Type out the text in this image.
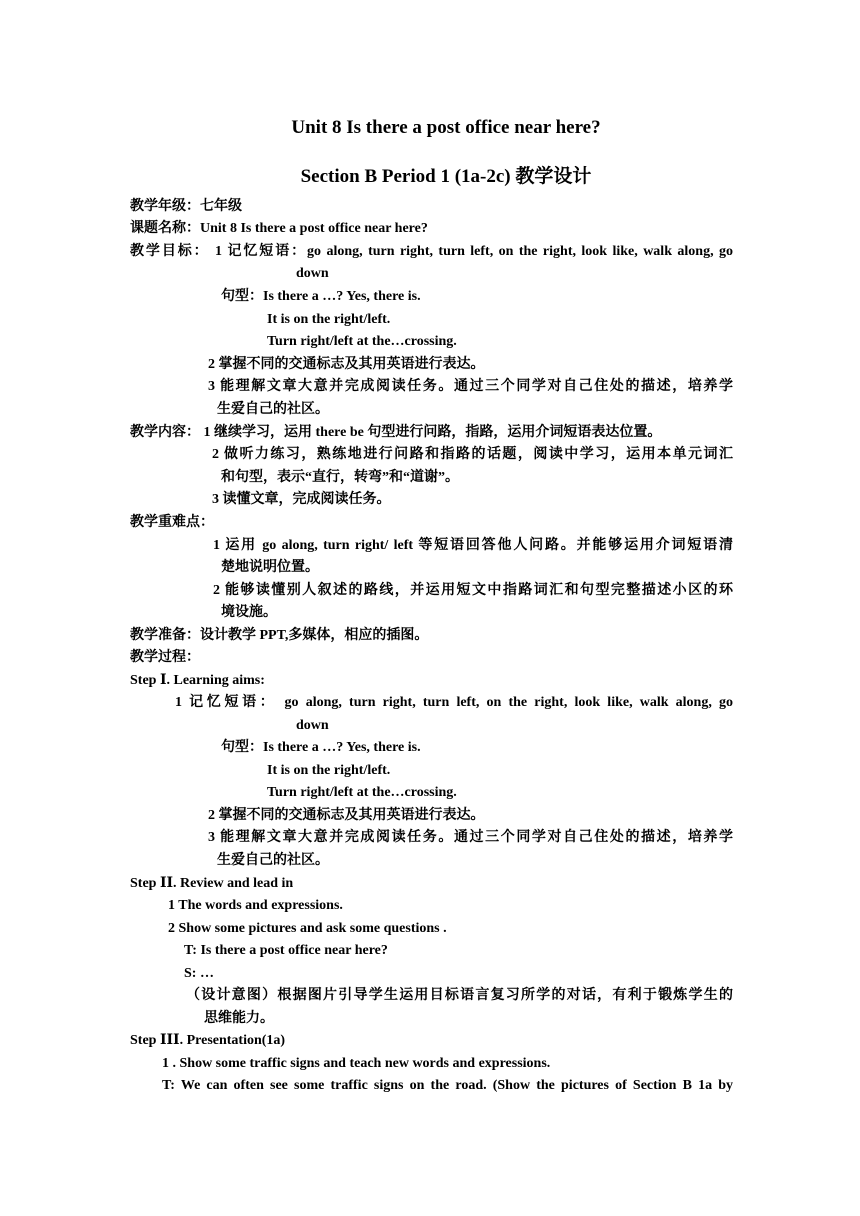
Unit 8 Is there a post office near here?
Section B Period 1 (1a-2c) 教学设计
教学年级：七年级
课题名称：Unit 8 Is there a post office near here?
教学目标： 1 记忆短语：go along, turn right, turn left, on the right, look like, walk along, go
down
句型：Is there a …? Yes, there is.
It is on the right/left.
Turn right/left at the…crossing.
2 掌握不同的交通标志及其用英语进行表达。
3 能理解文章大意并完成阅读任务。通过三个同学对自己住处的描述，培养学
生爱自己的社区。
教学内容： 1 继续学习，运用 there be 句型进行问路，指路，运用介词短语表达位置。
2 做听力练习，熟练地进行问路和指路的话题，阅读中学习，运用本单元词汇
和句型，表示“直行，转弯”和“道谢”。
3 读懂文章，完成阅读任务。
教学重难点：
1 运用 go along, turn right/ left 等短语回答他人问路。并能够运用介词短语清
楚地说明位置。
2 能够读懂别人叙述的路线，并运用短文中指路词汇和句型完整描述小区的环
境设施。
教学准备：设计教学 PPT,多媒体，相应的插图。
教学过程：
Step Ⅰ. Learning aims:
1 记忆短语： go along, turn right, turn left, on the right, look like, walk along, go
down
句型：Is there a …? Yes, there is.
It is on the right/left.
Turn right/left at the…crossing.
2 掌握不同的交通标志及其用英语进行表达。
3 能理解文章大意并完成阅读任务。通过三个同学对自己住处的描述，培养学
生爱自己的社区。
Step ⅠⅠ. Review and lead in
1 The words and expressions.
2 Show some pictures and ask some questions .
T: Is there a post office near here?
S: …
（设计意图）根据图片引导学生运用目标语言复习所学的对话，有利于锻炼学生的
思维能力。
Step ⅠⅠⅠ. Presentation(1a)
1 . Show some traffic signs and teach new words and expressions.
T: We can often see some traffic signs on the road. (Show the pictures of Section B 1a by
